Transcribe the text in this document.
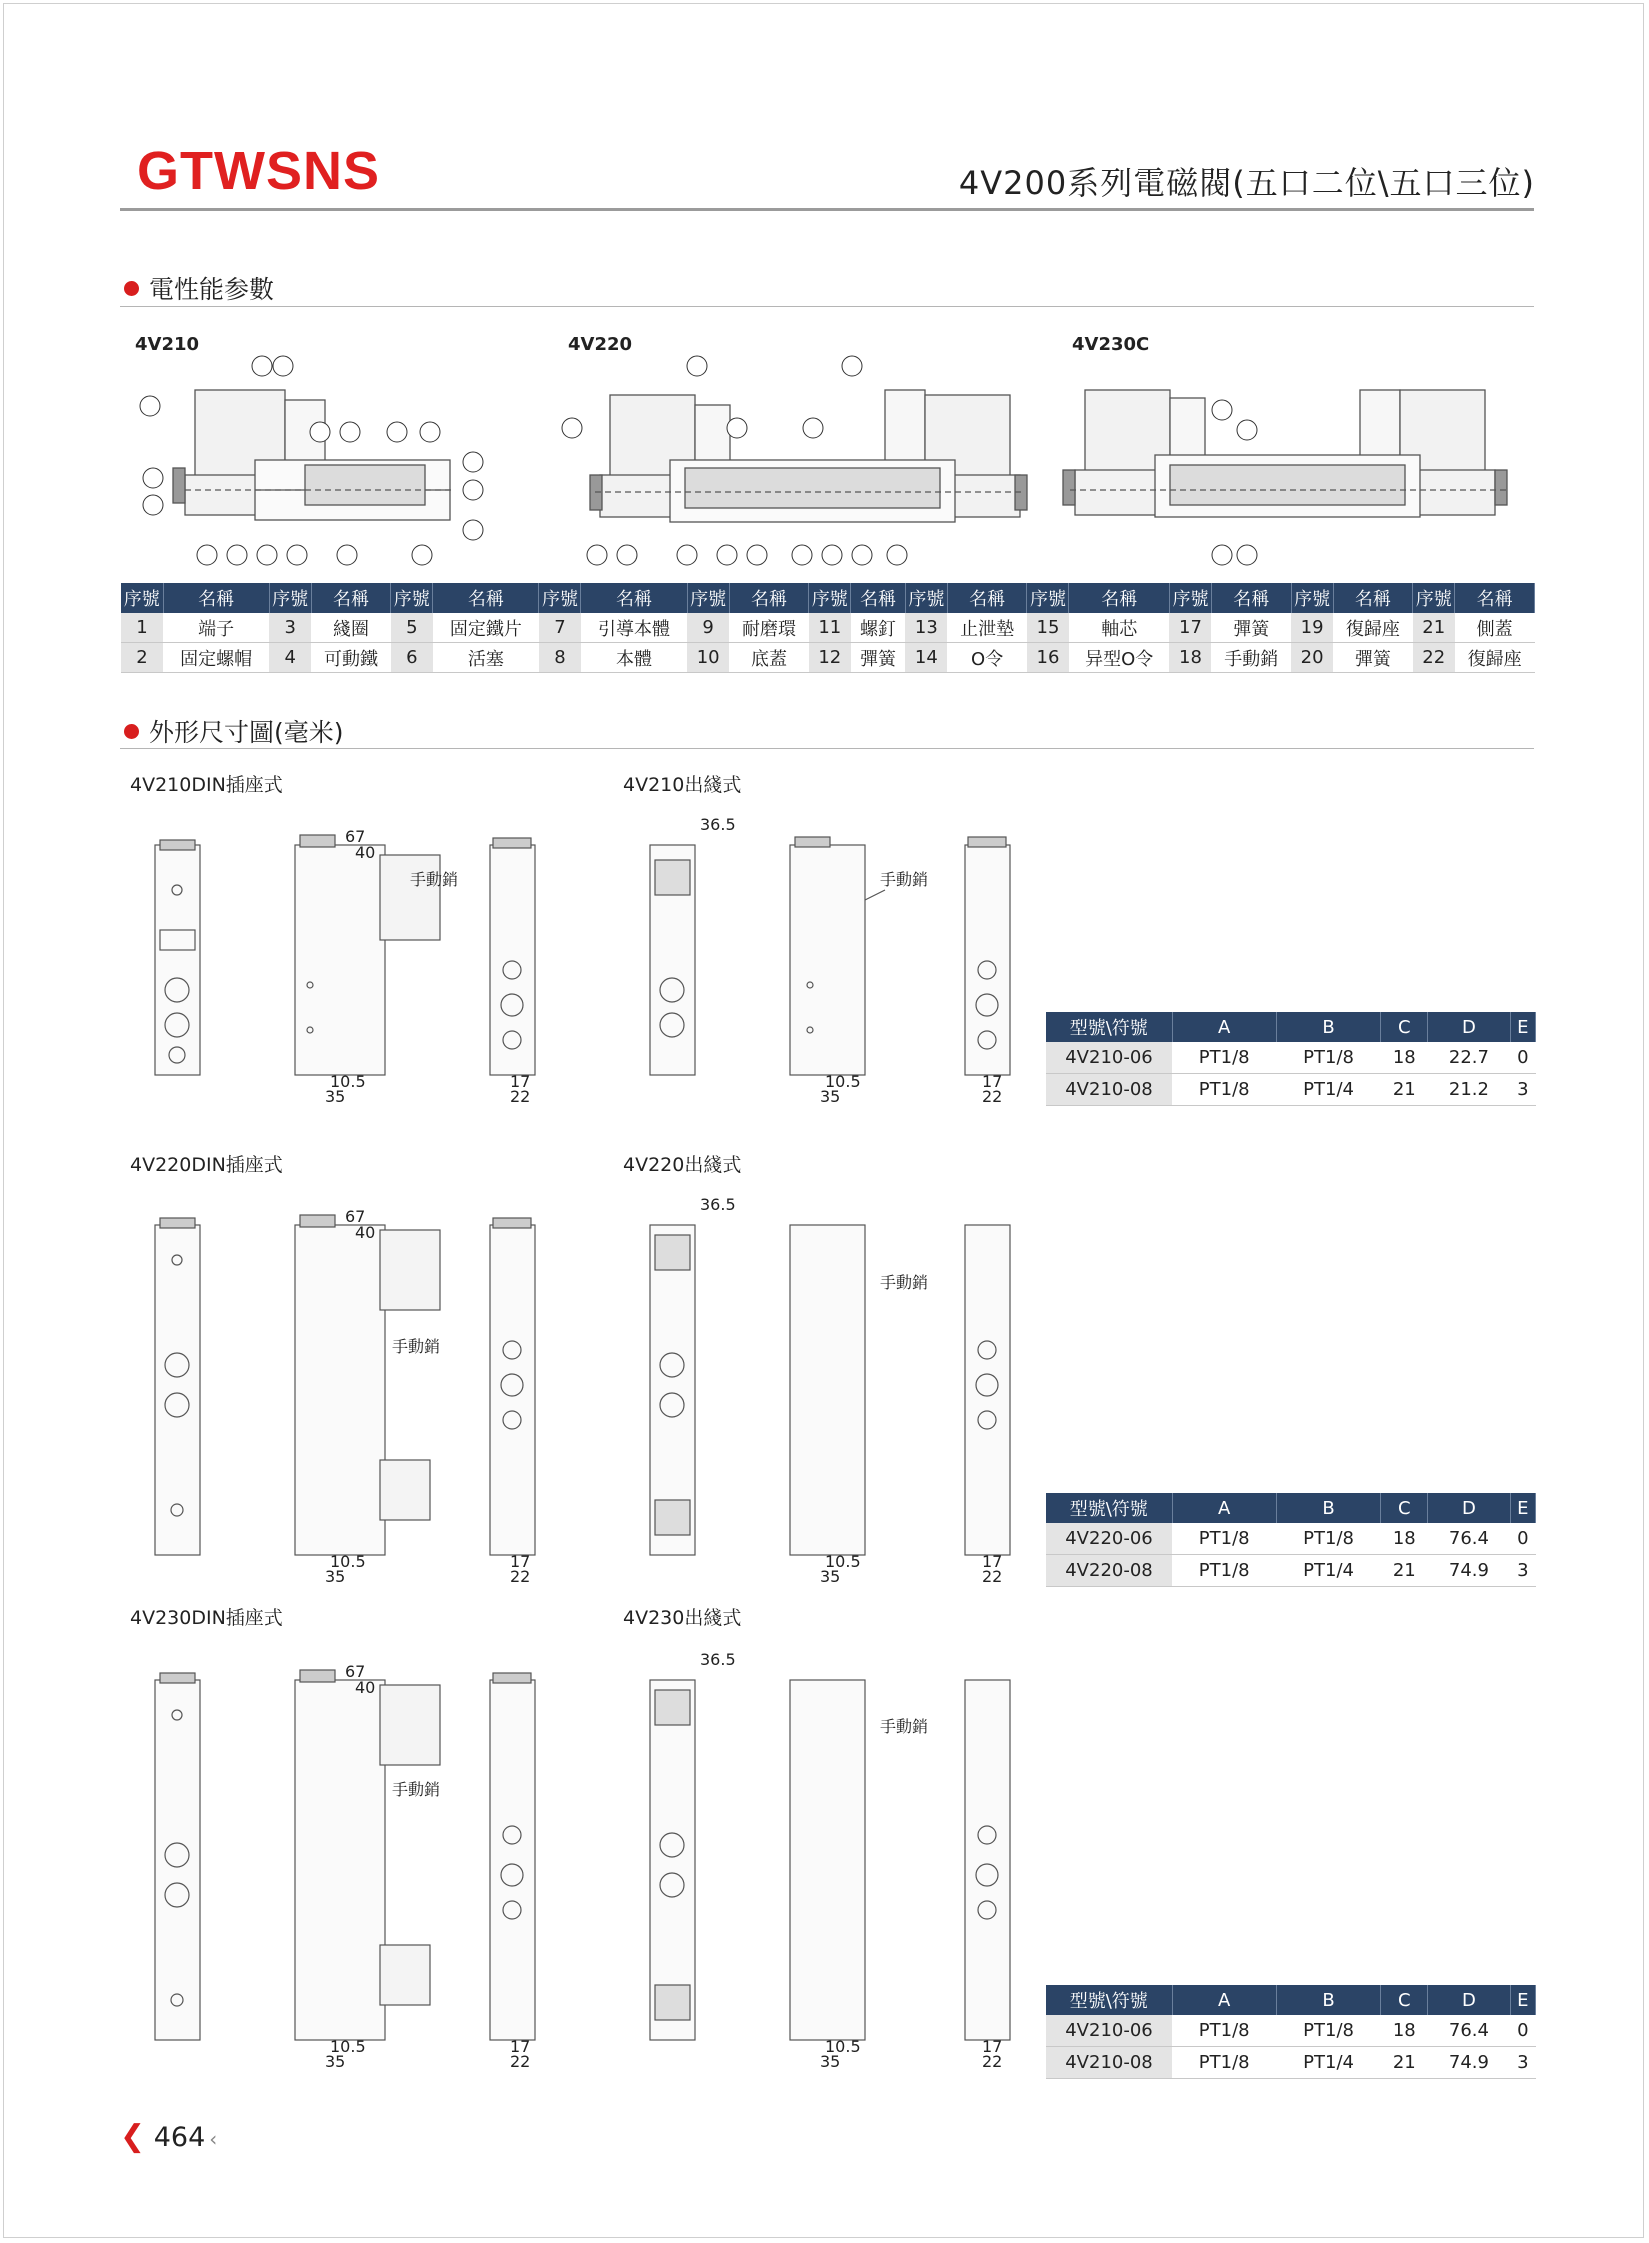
GTWSNS	4V200系列電磁閥(五口二位\五口三位)
電性能参數
4V210	4V220	4V230C
序號	名稱	序號	名稱	序號	名稱	序號	名稱	序號	名稱	序號	名稱	序號	名稱	序號	名稱	序號	名稱	序號	名稱	序號	名稱
1	端子	3	綫圈	5	固定鐵片	7	引導本體	9	耐磨環	11	螺釘	13	止泄墊	15	軸芯	17	彈簧	19	復歸座	21	側蓋
2	固定螺帽	4	可動鐵	6	活塞	8	本體	10	底蓋	12	彈簧	14	O令	16	异型O令	18	手動銷	20	彈簧	22	復歸座
外形尺寸圖(毫米)
4V210DIN插座式	4V210出綫式
4V220DIN插座式	4V220出綫式
4V230DIN插座式	4V230出綫式
67
40
手動銷
35
10.5
22
17
36.5
手動銷
35
10.5
22
17
67
40
手動銷
35
10.5
22
17
36.5
手動銷
35
10.5
22
17
67
40
手動銷
35
10.5
22
17
36.5
手動銷
35
10.5
22
17
型號\符號	A	B	C	D	E
4V210-06	PT1/8	PT1/8	18	22.7	0
4V210-08	PT1/8	PT1/4	21	21.2	3
型號\符號	A	B	C	D	E
4V220-06	PT1/8	PT1/8	18	76.4	0
4V220-08	PT1/8	PT1/4	21	74.9	3
型號\符號	A	B	C	D	E
4V210-06	PT1/8	PT1/8	18	76.4	0
4V210-08	PT1/8	PT1/4	21	74.9	3
❮ 464 ‹
